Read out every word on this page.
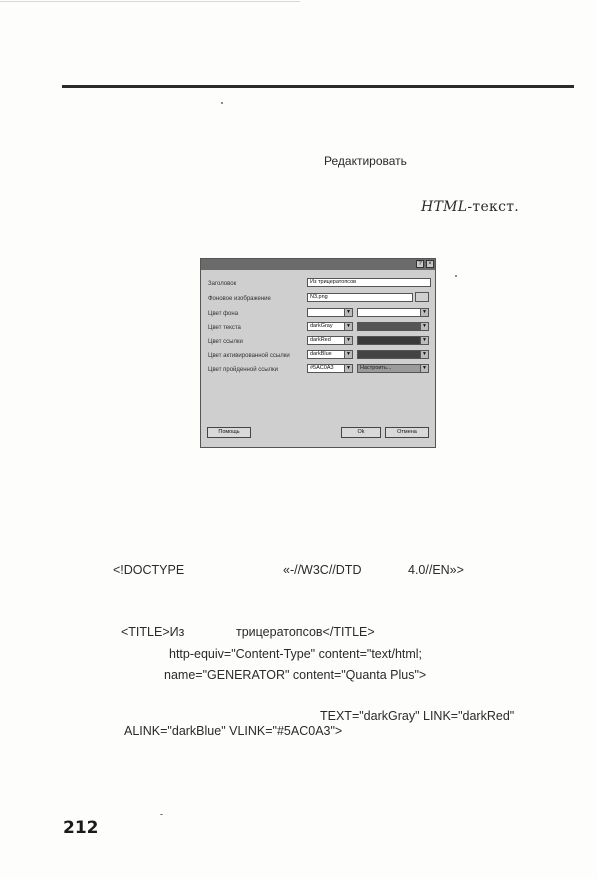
Редактировать
HTML-текст.
?	×
Заголовок	Из трицератопсов
Фоновое изображение	N3.png
Цвет фона	▼	▼
Цвет текста	darkGray	▼	▼
Цвет ссылки	darkRed	▼	▼
Цвет активированной ссылки	darkBlue	▼	▼
Цвет пройденной ссылки	#5AC0A3	▼	Настроить...	▼
Помощь	Ok	Отмена
<!DOCTYPE	«-//W3C//DTD	4.0//EN»>
<TITLE>Из	трицератопсов</TITLE>
http-equiv="Content-Type" content="text/html;
name="GENERATOR" content="Quanta Plus">
TEXT="darkGray" LINK="darkRed"
ALINK="darkBlue" VLINK="#5AC0A3">
212
